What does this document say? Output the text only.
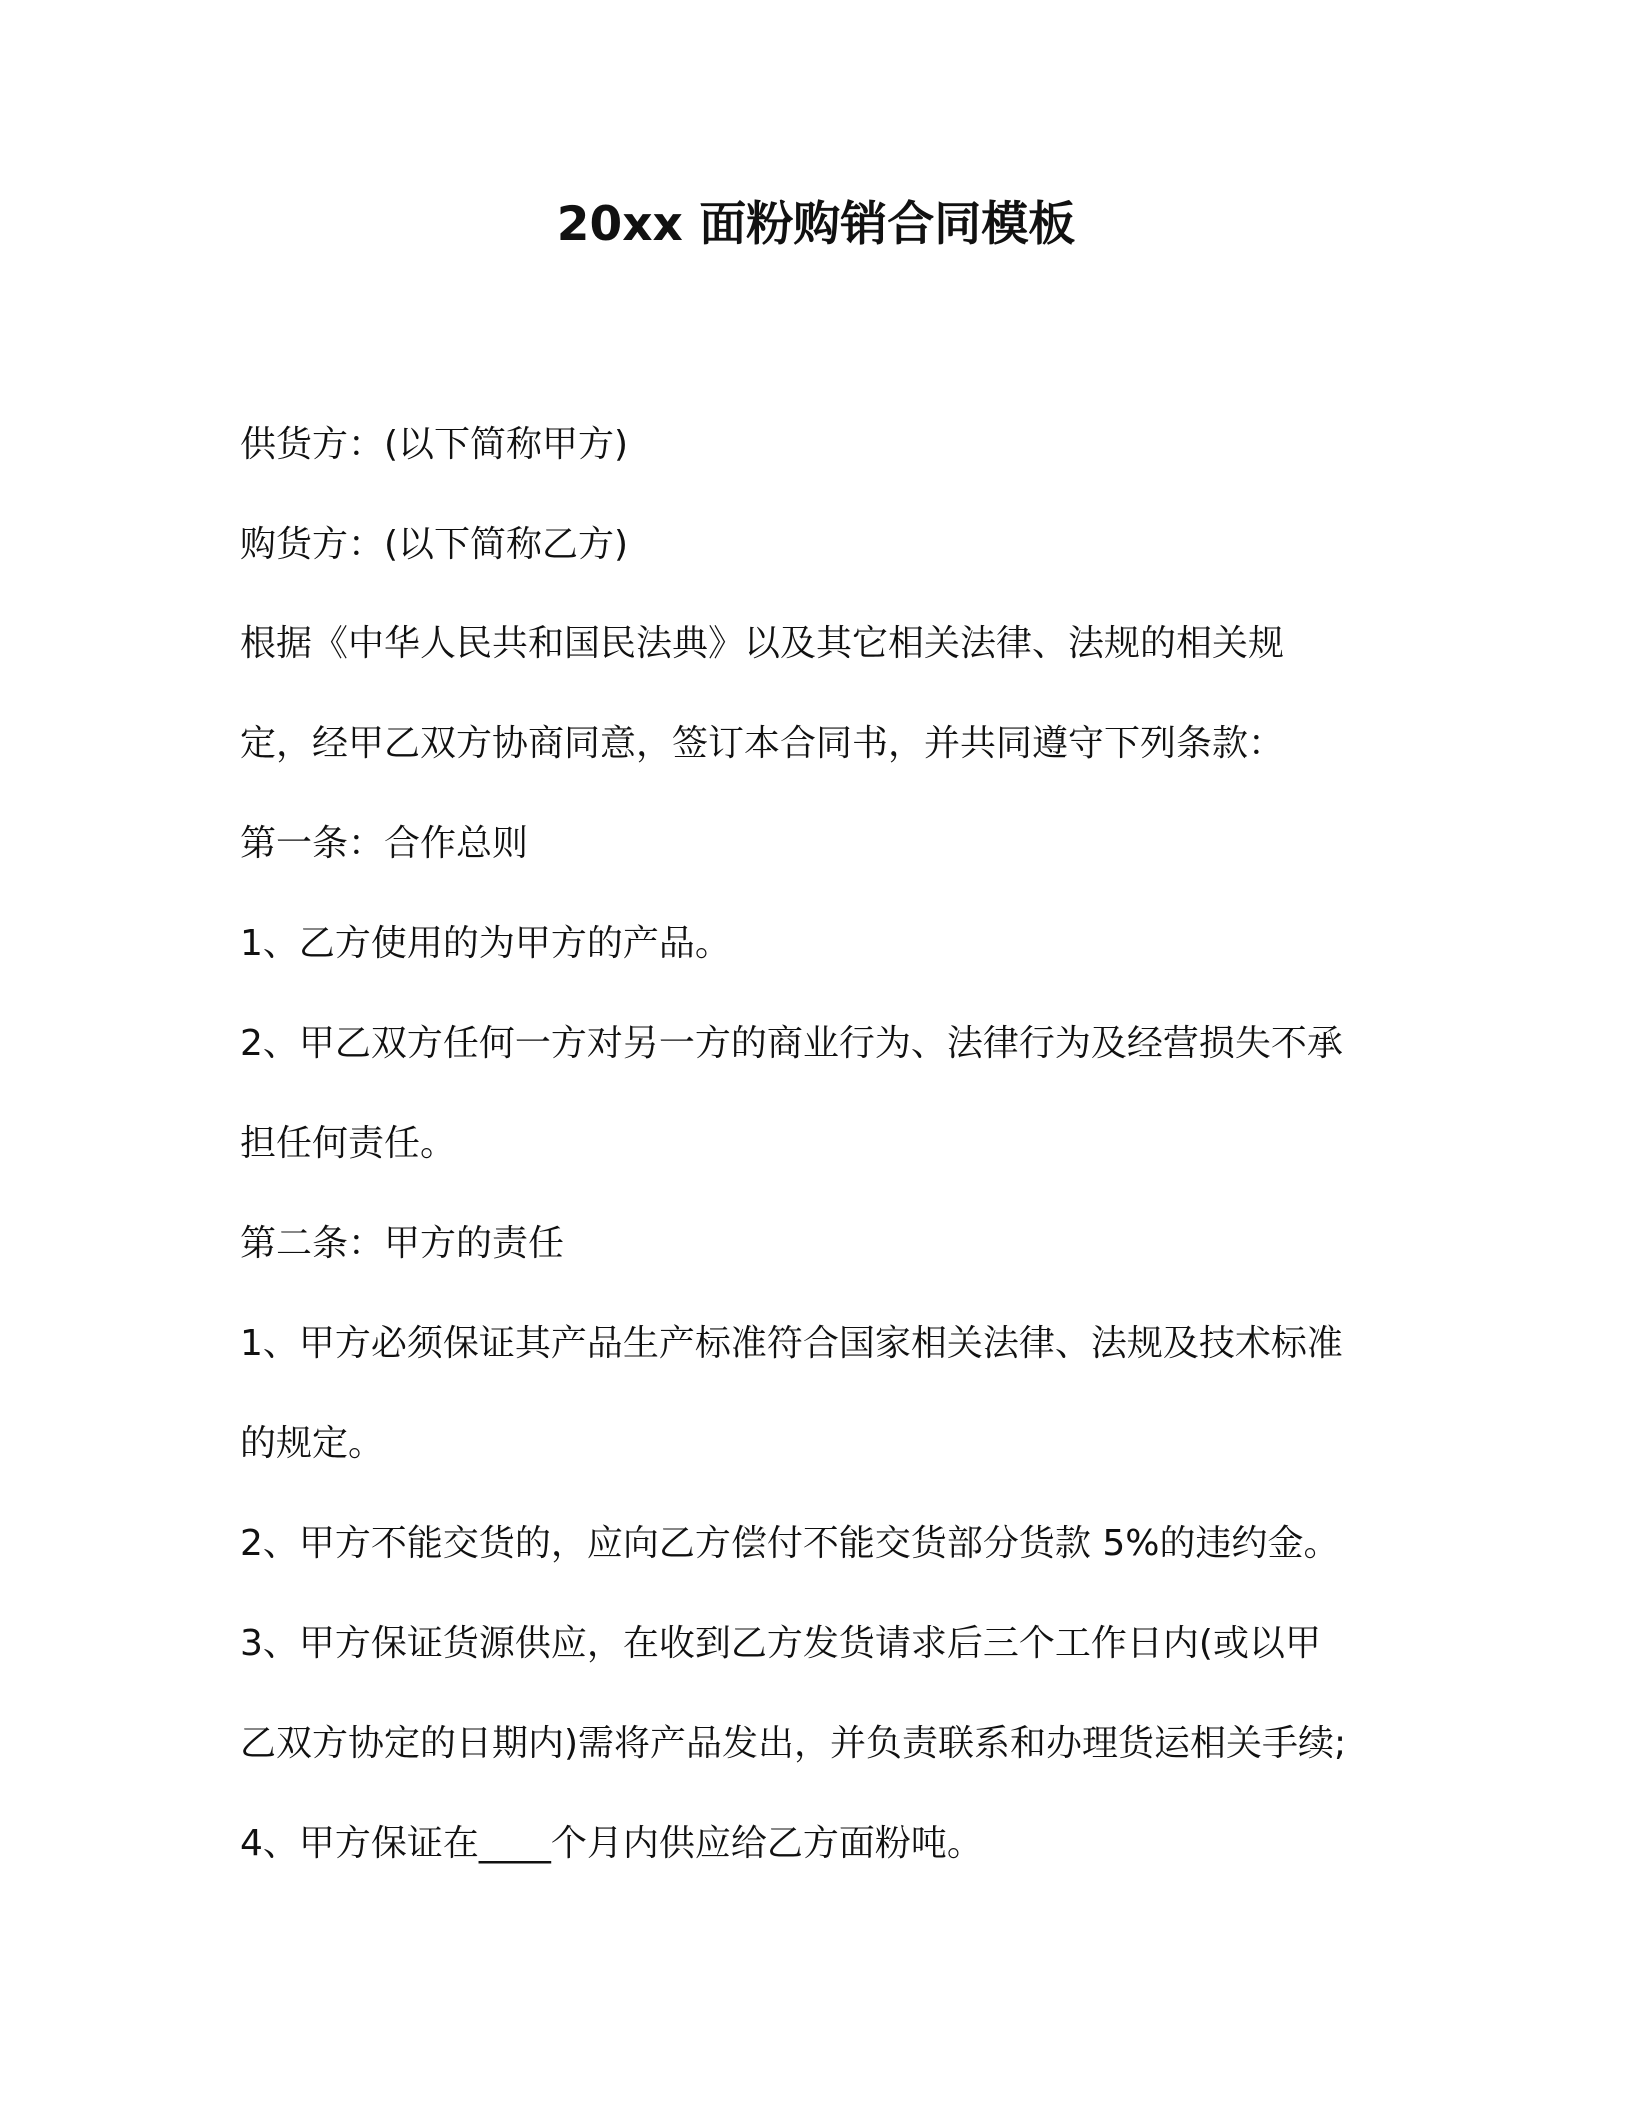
20xx 面粉购销合同模板

供货方：(以下简称甲方)

购货方：(以下简称乙方)

根据《中华人民共和国民法典》以及其它相关法律、法规的相关规

定，经甲乙双方协商同意，签订本合同书，并共同遵守下列条款：

第一条：合作总则

1、乙方使用的为甲方的产品。

2、甲乙双方任何一方对另一方的商业行为、法律行为及经营损失不承

担任何责任。

第二条：甲方的责任

1、甲方必须保证其产品生产标准符合国家相关法律、法规及技术标准

的规定。

2、甲方不能交货的，应向乙方偿付不能交货部分货款 5%的违约金。

3、甲方保证货源供应，在收到乙方发货请求后三个工作日内(或以甲

乙双方协定的日期内)需将产品发出，并负责联系和办理货运相关手续;

4、甲方保证在____个月内供应给乙方面粉吨。
